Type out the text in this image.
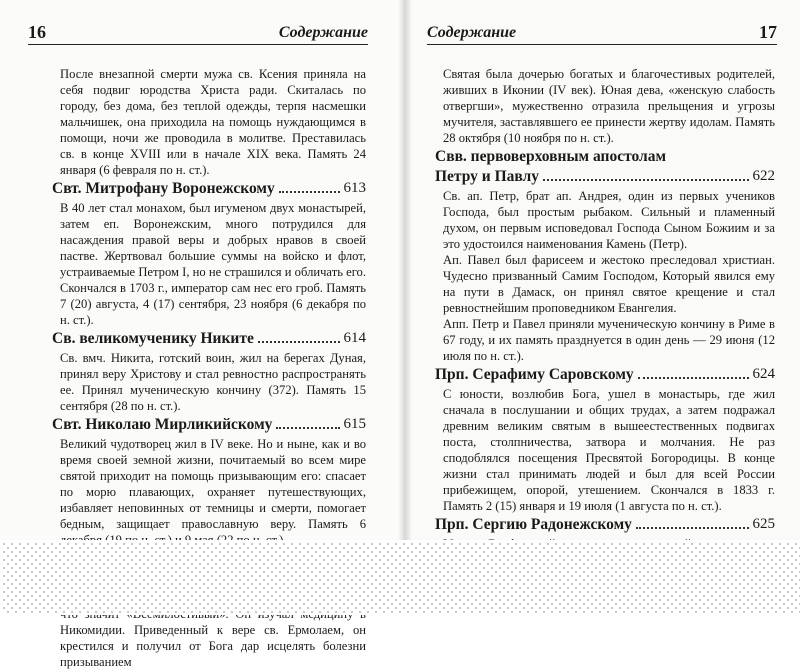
16	Содержание

После внезапной смерти мужа св. Ксения приняла на себя подвиг юродства Христа ради. Скиталась по городу, без дома, без теплой одежды, терпя насмешки мальчишек, она приходила на помощь нуждающимся в помощи, ночи же проводила в молитве. Преставилась св. в конце XVIII или в начале XIX века. Память 24 января (6 февраля по н. ст.).

Свт. Митрофану Воронежскому	613

В 40 лет стал монахом, был игуменом двух монастырей, затем еп. Воронежским, много потрудился для насаждения правой веры и добрых нравов в своей пастве. Жертвовал большие суммы на войско и флот, устраиваемые Петром I, но не страшился и обличать его. Скончался в 1703 г., император сам нес его гроб. Память 7 (20) августа, 4 (17) сентября, 23 ноября (6 декабря по н. ст.).

Св. великомученику Никите	614

Св. вмч. Никита, готский воин, жил на берегах Дуная, принял веру Христову и стал ревностно распространять ее. Принял мученическую кончину (372). Память 15 сентября (28 по н. ст.).

Свт. Николаю Мирликийскому	615

Великий чудотворец жил в IV веке. Но и ныне, как и во время своей земной жизни, почитаемый во всем мире святой приходит на помощь призывающим его: спасает по морю плавающих, охраняет путешествующих, избавляет неповинных от темницы и смерти, помогает бедным, защищает православную веру. Память 6

Никомидии. Приведенный к вере св. Ермолаем, он крестился и получил от Бога дар исцелять болезни призыванием

Содержание	17

Святая была дочерью богатых и благочестивых родителей, живших в Иконии (IV век). Юная дева, «женскую слабость отвергши», мужественно отразила прельщения и угрозы мучителя, заставлявшего ее принести жертву идолам. Память 28 октября (10 ноября по н. ст.).

Свв. первоверховным апостолам
Петру и Павлу	622

Св. ап. Петр, брат ап. Андрея, один из первых учеников Господа, был простым рыбаком. Сильный и пламенный духом, он первым исповедовал Господа Сыном Божиим и за это удостоился наименования Камень (Петр).

Ап. Павел был фарисеем и жестоко преследовал христиан. Чудесно призванный Самим Господом, Который явился ему на пути в Дамаск, он принял святое крещение и стал ревностнейшим проповедником Евангелия.

Апп. Петр и Павел приняли мученическую кончину в Риме в 67 году, и их память празднуется в один день — 29 июня (12 июля по н. ст.).

Прп. Серафиму Саровскому	624

С юности, возлюбив Бога, ушел в монастырь, где жил сначала в послушании и общих трудах, а затем подражал древним великим святым в вышеестественных подвигах поста, столпничества, затвора и молчания. Не раз сподоблялся посещения Пресвятой Богородицы. В конце жизни стал принимать людей и был для всей России прибежищем, опорой, утешением. Скончался в 1833 г. Память 2 (15) января и 19 июля (1 августа по н. ст.).

Прп. Сергию Радонежскому	625
